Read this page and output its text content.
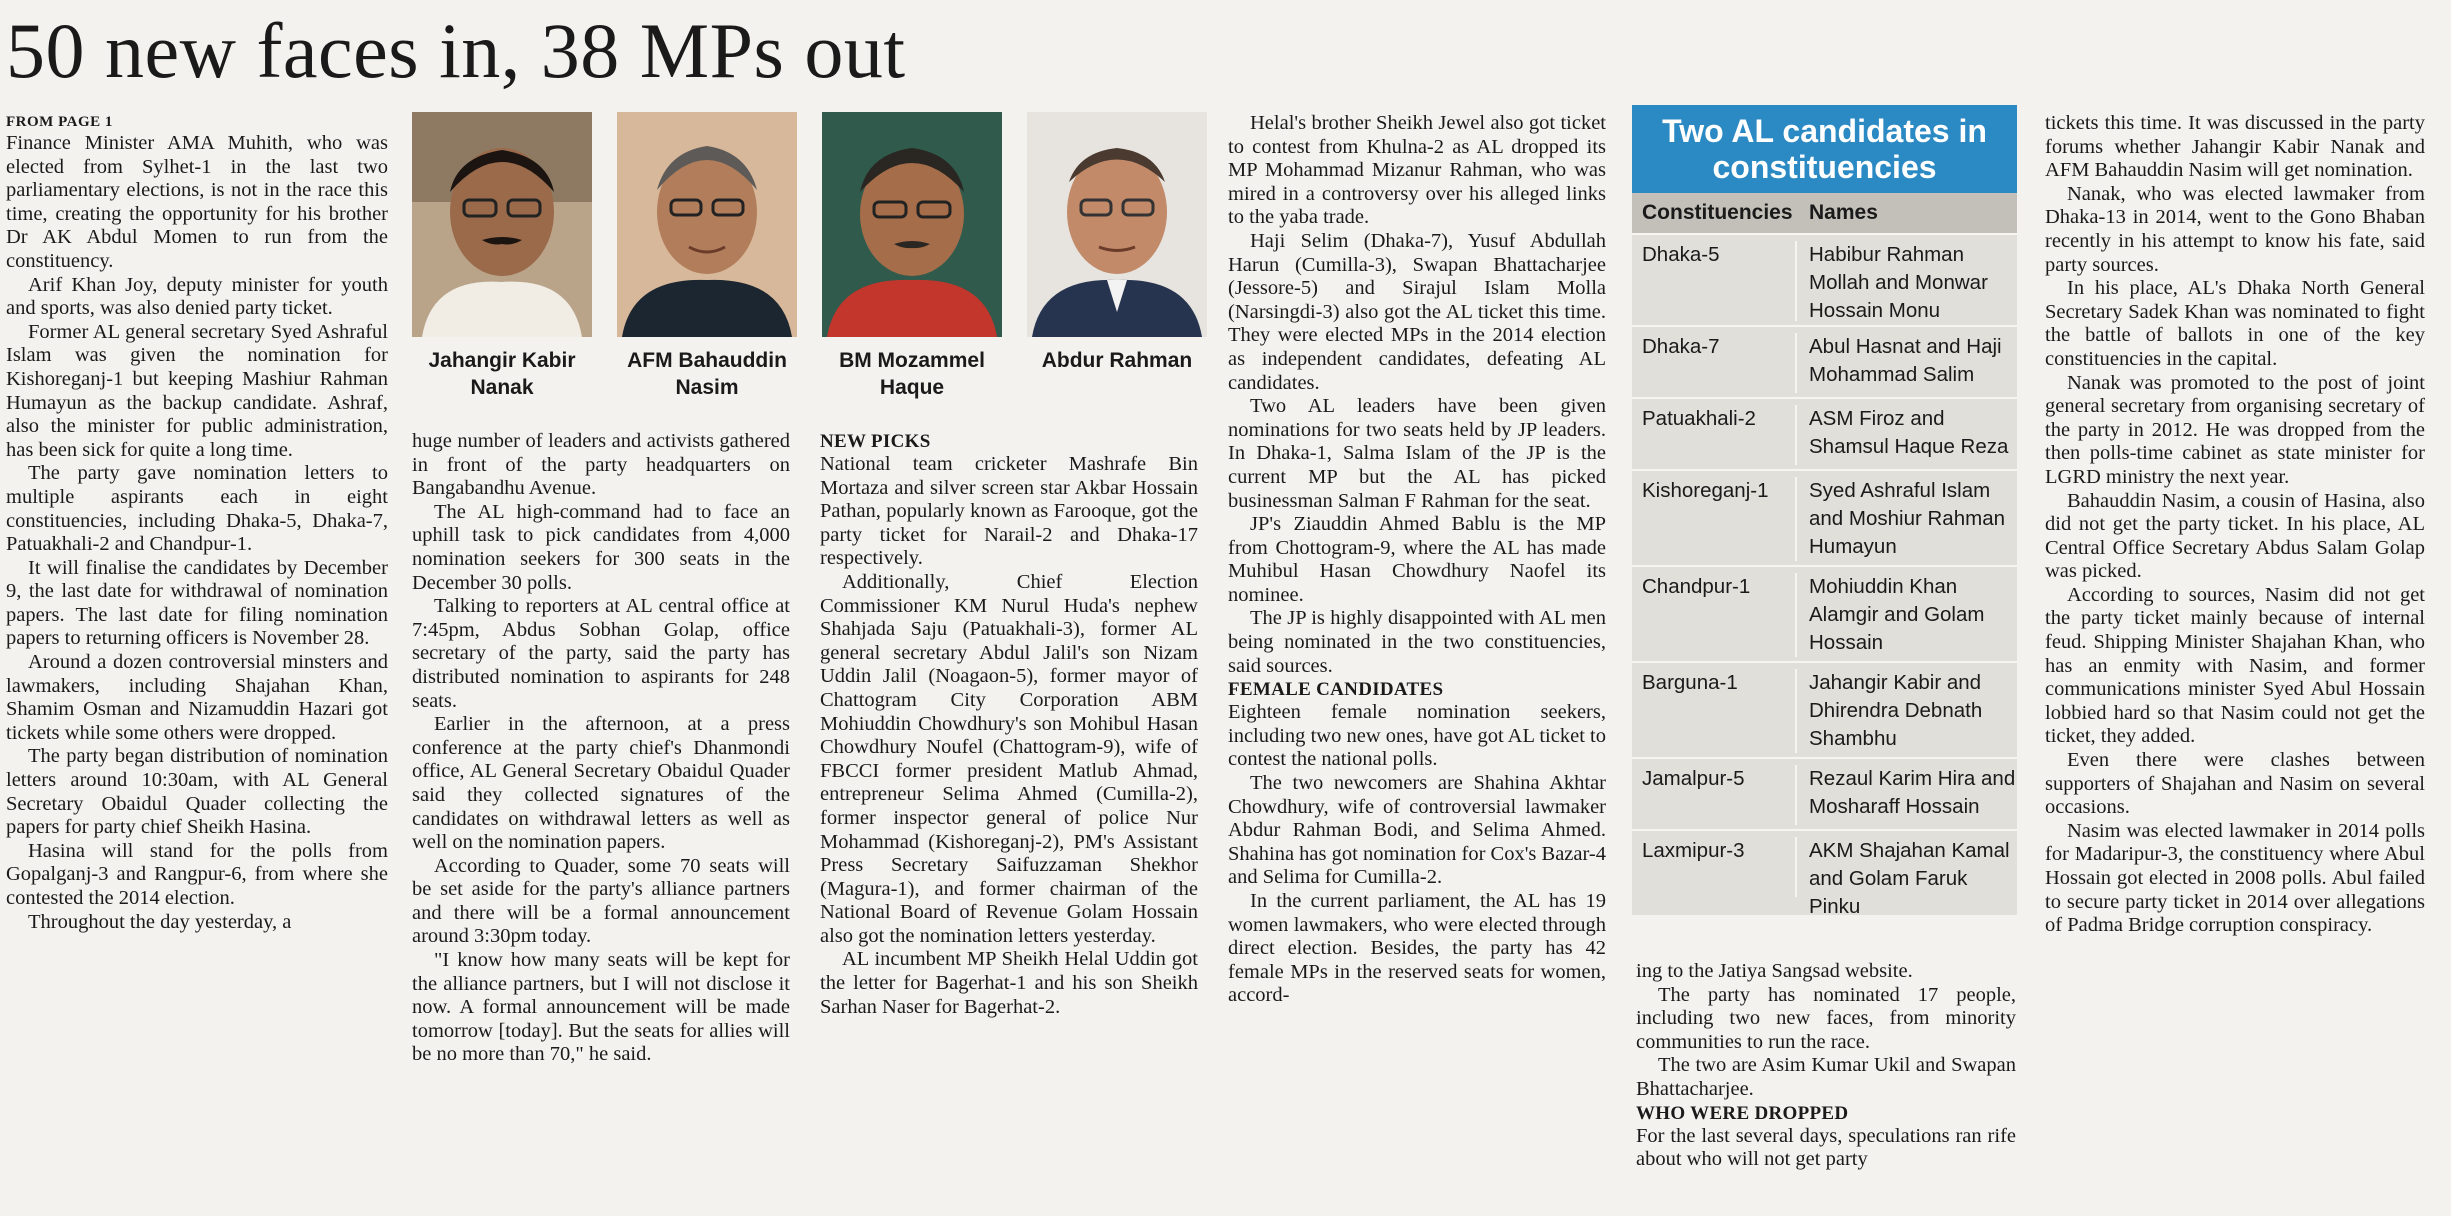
50 new faces in, 38 MPs out
FROM PAGE 1

Finance Minister AMA Muhith, who was elected from Sylhet-1 in the last two parliamentary elections, is not in the race this time, creating the opportunity for his brother Dr AK Abdul Momen to run from the constituency.

Arif Khan Joy, deputy minister for youth and sports, was also denied party ticket.

Former AL general secretary Syed Ashraful Islam was given the nomination for Kishoreganj-1 but keeping Mashiur Rahman Humayun as the backup candidate. Ashraf, also the minister for public administration, has been sick for quite a long time.

The party gave nomination letters to multiple aspirants each in eight constituencies, including Dhaka-5, Dhaka-7, Patuakhali-2 and Chandpur-1.

It will finalise the candidates by December 9, the last date for withdrawal of nomination papers. The last date for filing nomination papers to returning officers is November 28.

Around a dozen controversial minsters and lawmakers, including Shajahan Khan, Shamim Osman and Nizamuddin Hazari got tickets while some others were dropped.

The party began distribution of nomination letters around 10:30am, with AL General Secretary Obaidul Quader collecting the papers for party chief Sheikh Hasina.

Hasina will stand for the polls from Gopalganj-3 and Rangpur-6, from where she contested the 2014 election.

Throughout the day yesterday, a

Jahangir Kabir Nanak
AFM Bahauddin Nasim
BM Mozammel Haque
Abdur Rahman

huge number of leaders and activists gathered in front of the party headquarters on Bangabandhu Avenue.

The AL high-command had to face an uphill task to pick candidates from 4,000 nomination seekers for 300 seats in the December 30 polls.

Talking to reporters at AL central office at 7:45pm, Abdus Sobhan Golap, office secretary of the party, said the party has distributed nomination to aspirants for 248 seats.

Earlier in the afternoon, at a press conference at the party chief's Dhanmondi office, AL General Secretary Obaidul Quader said they collected signatures of the candidates on withdrawal letters as well as well on the nomination papers.

According to Quader, some 70 seats will be set aside for the party's alliance partners and there will be a formal announcement around 3:30pm today.

"I know how many seats will be kept for the alliance partners, but I will not disclose it now. A formal announcement will be made tomorrow [today]. But the seats for allies will be no more than 70," he said.

NEW PICKS

National team cricketer Mashrafe Bin Mortaza and silver screen star Akbar Hossain Pathan, popularly known as Farooque, got the party ticket for Narail-2 and Dhaka-17 respectively.

Additionally, Chief Election Commissioner KM Nurul Huda's nephew Shahjada Saju (Patuakhali-3), former AL general secretary Abdul Jalil's son Nizam Uddin Jalil (Noagaon-5), former mayor of Chattogram City Corporation ABM Mohiuddin Chowdhury's son Mohibul Hasan Chowdhury Noufel (Chattogram-9), wife of FBCCI former president Matlub Ahmad, entrepreneur Selima Ahmed (Cumilla-2), former inspector general of police Nur Mohammad (Kishoreganj-2), PM's Assistant Press Secretary Saifuzzaman Shekhor (Magura-1), and former chairman of the National Board of Revenue Golam Hossain also got the nomination letters yesterday.

AL incumbent MP Sheikh Helal Uddin got the letter for Bagerhat-1 and his son Sheikh Sarhan Naser for Bagerhat-2.

Helal's brother Sheikh Jewel also got ticket to contest from Khulna-2 as AL dropped its MP Mohammad Mizanur Rahman, who was mired in a controversy over his alleged links to the yaba trade.

Haji Selim (Dhaka-7), Yusuf Abdullah Harun (Cumilla-3), Swapan Bhattacharjee (Jessore-5) and Sirajul Islam Molla (Narsingdi-3) also got the AL ticket this time. They were elected MPs in the 2014 election as independent candidates, defeating AL candidates.

Two AL leaders have been given nominations for two seats held by JP leaders. In Dhaka-1, Salma Islam of the JP is the current MP but the AL has picked businessman Salman F Rahman for the seat.

JP's Ziauddin Ahmed Bablu is the MP from Chottogram-9, where the AL has made Muhibul Hasan Chowdhury Naofel its nominee.

The JP is highly disappointed with AL men being nominated in the two constituencies, said sources.

FEMALE CANDIDATES

Eighteen female nomination seekers, including two new ones, have got AL ticket to contest the national polls.

The two newcomers are Shahina Akhtar Chowdhury, wife of controversial lawmaker Abdur Rahman Bodi, and Selima Ahmed. Shahina has got nomination for Cox's Bazar-4 and Selima for Cumilla-2.

In the current parliament, the AL has 19 women lawmakers, who were elected through direct election. Besides, the party has 42 female MPs in the reserved seats for women, accord-

Two AL candidates in constituencies
Constituencies Names
Dhaka-5	Habibur Rahman Mollah and Monwar Hossain Monu
Dhaka-7	Abul Hasnat and Haji Mohammad Salim
Patuakhali-2	ASM Firoz and Shamsul Haque Reza
Kishoreganj-1	Syed Ashraful Islam and Moshiur Rahman Humayun
Chandpur-1	Mohiuddin Khan Alamgir and Golam Hossain
Barguna-1	Jahangir Kabir and Dhirendra Debnath Shambhu
Jamalpur-5	Rezaul Karim Hira and Mosharaff Hossain
Laxmipur-3	AKM Shajahan Kamal and Golam Faruk Pinku

ing to the Jatiya Sangsad website.

The party has nominated 17 people, including two new faces, from minority communities to run the race.

The two are Asim Kumar Ukil and Swapan Bhattacharjee.

WHO WERE DROPPED

For the last several days, speculations ran rife about who will not get party

tickets this time. It was discussed in the party forums whether Jahangir Kabir Nanak and AFM Bahauddin Nasim will get nomination.

Nanak, who was elected lawmaker from Dhaka-13 in 2014, went to the Gono Bhaban recently in his attempt to know his fate, said party sources.

In his place, AL's Dhaka North General Secretary Sadek Khan was nominated to fight the battle of ballots in one of the key constituencies in the capital.

Nanak was promoted to the post of joint general secretary from organising secretary of the party in 2012. He was dropped from the then polls-time cabinet as state minister for LGRD ministry the next year.

Bahauddin Nasim, a cousin of Hasina, also did not get the party ticket. In his place, AL Central Office Secretary Abdus Salam Golap was picked.

According to sources, Nasim did not get the party ticket mainly because of internal feud. Shipping Minister Shajahan Khan, who has an enmity with Nasim, and former communications minister Syed Abul Hossain lobbied hard so that Nasim could not get the ticket, they added.

Even there were clashes between supporters of Shajahan and Nasim on several occasions.

Nasim was elected lawmaker in 2014 polls for Madaripur-3, the constituency where Abul Hossain got elected in 2008 polls. Abul failed to secure party ticket in 2014 over allegations of Padma Bridge corruption conspiracy.
